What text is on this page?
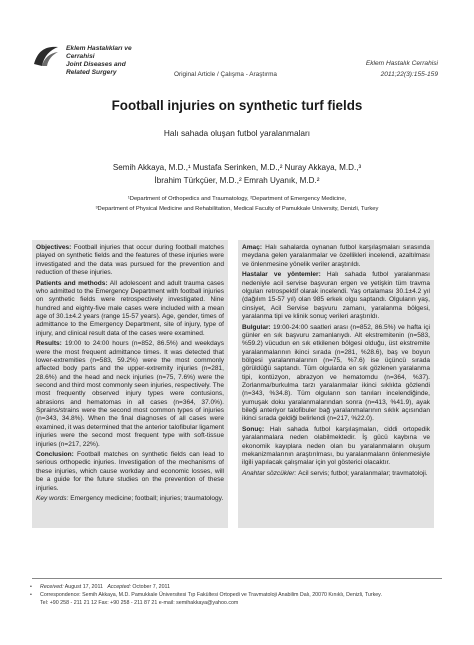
Eklem Hastalıkları ve
Cerrahisi
Joint Diseases and
Related Surgery	Original Article / Çalışma - Araştırma
Eklem Hastalık Cerrahisi
2011;22(3):155-159
Football injuries on synthetic turf fields
Halı sahada oluşan futbol yaralanmaları
Semih Akkaya, M.D.,¹ Mustafa Serinken, M.D.,² Nuray Akkaya, M.D.,³
İbrahim Türkçüer, M.D.,² Emrah Uyanık, M.D.²
¹Department of Orthopedics and Traumatology, ²Department of Emergency Medicine,
³Department of Physical Medicine and Rehabilitation, Medical Faculty of Pamukkale University, Denizli, Turkey

Objectives: Football injuries that occur during football matches played on synthetic fields and the features of these injuries were investigated and the data was pursued for the prevention and reduction of these injuries.

Patients and methods: All adolescent and adult trauma cases who admitted to the Emergency Department with football injuries on synthetic fields were retrospectively investigated. Nine hundred and eighty-five male cases were included with a mean age of 30.1±4.2 years (range 15-57 years). Age, gender, times of admittance to the Emergency Department, site of injury, type of injury, and clinical result data of the cases were examined.

Results: 19:00 to 24:00 hours (n=852, 86.5%) and weekdays were the most frequent admittance times. It was detected that lower-extremities (n=583, 59.2%) were the most commonly affected body parts and the upper-extremity injuries (n=281, 28.6%) and the head and neck injuries (n=75, 7.6%) were the second and third most commonly seen injuries, respectively. The most frequently observed injury types were contusions, abrasions and hematomas in all cases (n=364, 37.0%). Sprains/strains were the second most common types of injuries (n=343, 34.8%). When the final diagnoses of all cases were examined, it was determined that the anterior talofibular ligament injuries were the second most frequent type with soft-tissue injuries (n=217, 22%).

Conclusion: Football matches on synthetic fields can lead to serious orthopedic injuries. Investigation of the mechanisms of these injuries, which cause workday and economic losses, will be a guide for the future studies on the prevention of these injuries.

Key words: Emergency medicine; football; injuries; traumatology.

Amaç: Halı sahalarda oynanan futbol karşılaşmaları sırasında meydana gelen yaralanmalar ve özellikleri incelendi, azaltılması ve önlenmesine yönelik veriler araştırıldı.

Hastalar ve yöntemler: Halı sahada futbol yaralanması nedeniyle acil servise başvuran ergen ve yetişkin tüm travma olguları retrospektif olarak incelendi. Yaş ortalaması 30.1±4.2 yıl (dağılım 15-57 yıl) olan 985 erkek olgu saptandı. Olguların yaş, cinsiyet, Acil Servise başvuru zamanı, yaralanma bölgesi, yaralanma tipi ve klinik sonuç verileri araştırıldı.

Bulgular: 19:00-24:00 saatleri arası (n=852, 86.5%) ve hafta içi günler en sık başvuru zamanlarıydı. Alt ekstremitenin (n=583, %59.2) vücudun en sık etkilenen bölgesi olduğu, üst ekstremite yaralanmalarının ikinci sırada (n=281, %28.6), baş ve boyun bölgesi yaralanmalarının (n=75, %7.6) ise üçüncü sırada görüldüğü saptandı. Tüm olgularda en sık gözlenen yaralanma tipi, kontüzyon, abrazyon ve hematomdu (n=364, %37). Zorlanma/burkulma tarzı yaralanmalar ikinci sıklıkta gözlendi (n=343, %34.8). Tüm olguların son tanıları incelendiğinde, yumuşak doku yaralanmalarından sonra (n=413, %41.9), ayak bileği anteriyor talofibuler bağ yaralanmalarının sıklık açısından ikinci sırada geldiği belirlendi (n=217, %22.0).

Sonuç: Halı sahada futbol karşılaşmaları, ciddi ortopedik yaralanmalara neden olabilmektedir. İş gücü kaybına ve ekonomik kayıplara neden olan bu yaralanmaların oluşum mekanizmalarının araştırılması, bu yaralanmaların önlenmesiyle ilgili yapılacak çalışmalar için yol gösterici olacaktır.

Anahtar sözcükler: Acil servis; futbol; yaralanmalar; travmatoloji.

• Received: August 17, 2011 Accepted: October 7, 2011
• Correspondence: Semih Akkaya, M.D. Pamukkale Üniversitesi Tıp Fakültesi Ortopedi ve Travmatoloji Anabilim Dalı, 20070 Kınıklı, Denizli, Turkey.
Tel: +90 258 - 211 21 12 Fax: +90 258 - 211 87 21 e-mail: semihakkaya@yahoo.com
